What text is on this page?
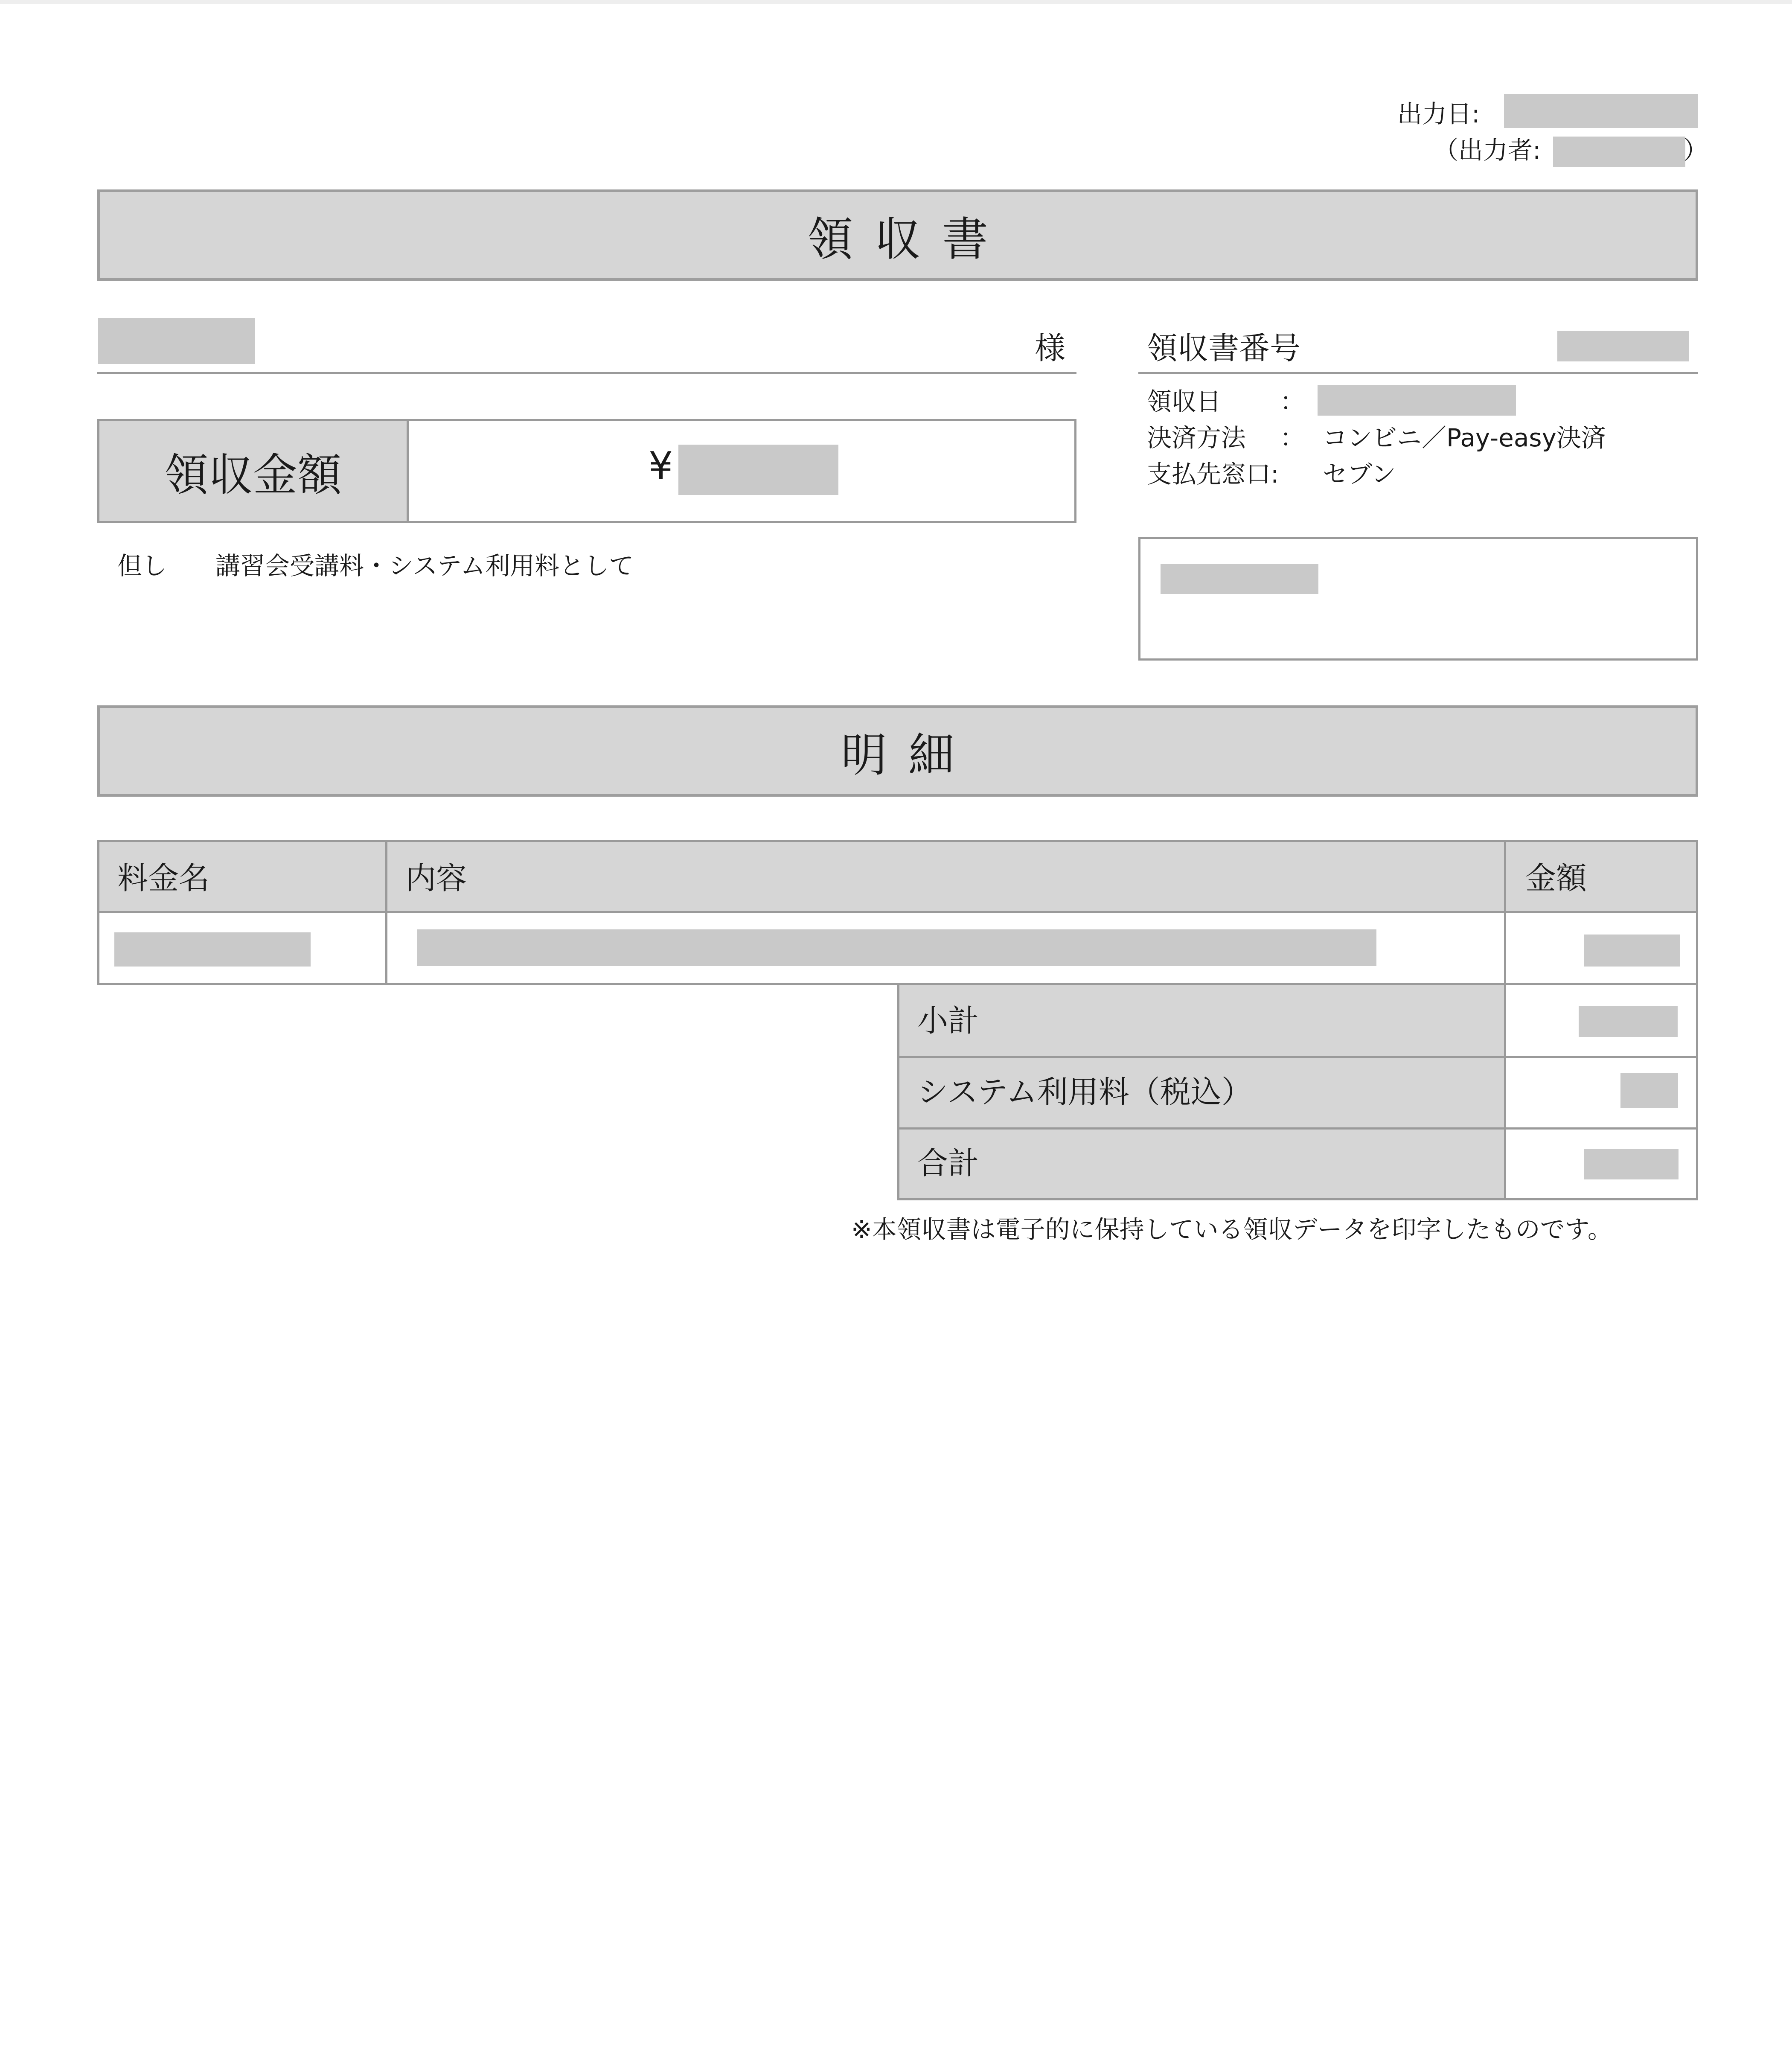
出力日:
（出力者:	）
領収書
様	領収書番号
領収日 ：
決済方法 ： コンビニ／Pay-easy決済
支払先窓口: セブン
領収金額	¥
但し 講習会受講料・システム利用料として
明細
料金名	内容	金額
小計
システム利用料（税込）
合計
※本領収書は電子的に保持している領収データを印字したものです。
